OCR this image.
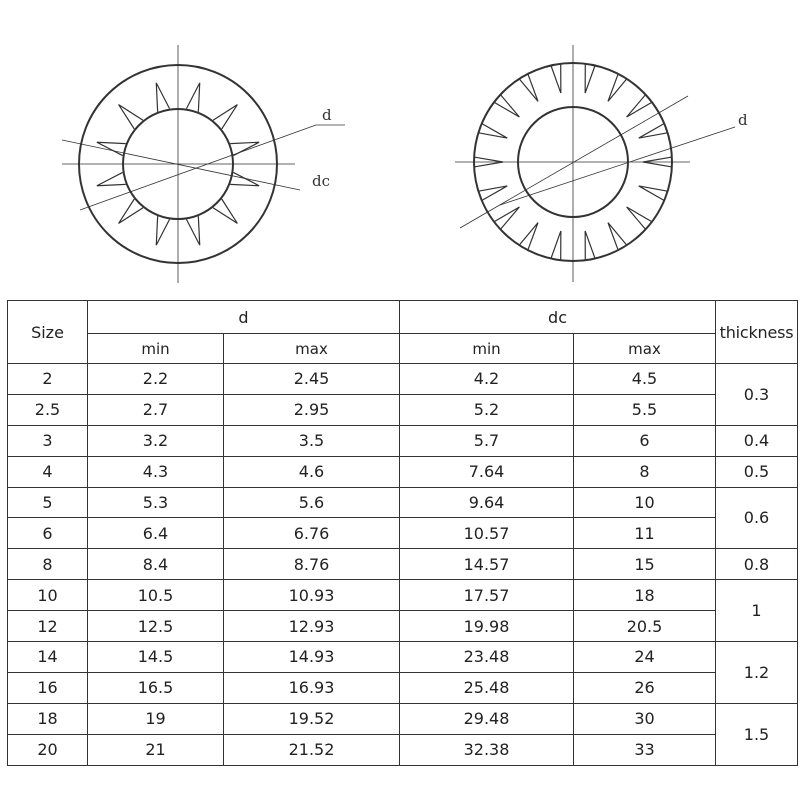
d
dc
d
Size	d		dc		thickness
	min	max	min	max	
2	2.2	2.45	4.2	4.5	0.3
2.5	2.7	2.95	5.2	5.5	
3	3.2	3.5	5.7	6	0.4
4	4.3	4.6	7.64	8	0.5
5	5.3	5.6	9.64	10	0.6
6	6.4	6.76	10.57	11	
8	8.4	8.76	14.57	15	0.8
10	10.5	10.93	17.57	18	1
12	12.5	12.93	19.98	20.5	
14	14.5	14.93	23.48	24	1.2
16	16.5	16.93	25.48	26	
18	19	19.52	29.48	30	1.5
20	21	21.52	32.38	33	
